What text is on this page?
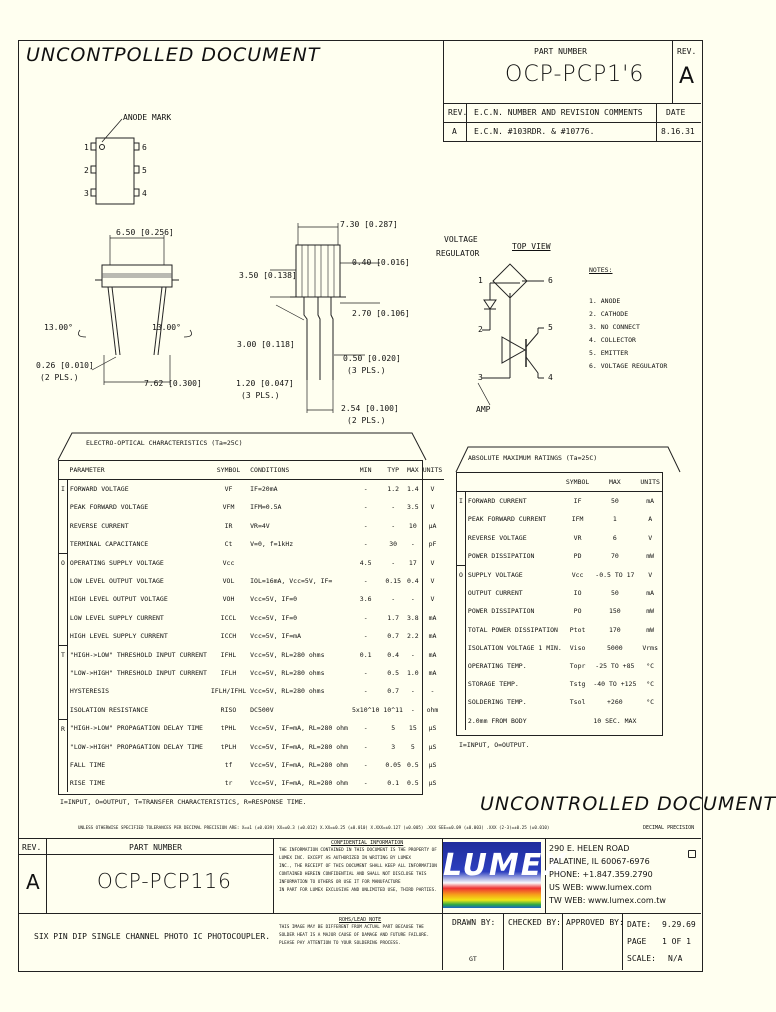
UNCONTPOLLED DOCUMENT	PART NUMBER
OCP-PCP1'6
REV.
A
REV. E.C.N. NUMBER AND REVISION COMMENTS	DATE
A E.C.N. #103RDR. & #10776.	8.16.31
ANODE MARK
1
2
3
6
5
4
6.50 [0.256]
13.00°	13.00°
0.26 [0.010]
(2 PLS.)
7.62 [0.300]
7.30 [0.287]
3.50 [0.138]
0.40 [0.016]
2.70 [0.106]
3.00 [0.118]
0.50 [0.020]
(3 PLS.)
1.20 [0.047]
(3 PLS.)
2.54 [0.100]
(2 PLS.)
VOLTAGE
REGULATOR
TOP VIEW
1
2
3	4
5
6
AMP
NOTES:
1. ANODE
2. CATHODE
3. NO CONNECT
4. COLLECTOR
5. EMITTER
6. VOLTAGE REGULATOR
ELECTRO-OPTICAL CHARACTERISTICS (Ta=25C)
	PARAMETER	SYMBOL	CONDITIONS	MIN	TYP	MAX	UNITS
I	FORWARD VOLTAGE	VF	IF=20mA	-	1.2	1.4	V
	PEAK FORWARD VOLTAGE	VFM	IFM=0.5A	-	-	3.5	V
	REVERSE CURRENT	IR	VR=4V	-	-	10	µA
	TERMINAL CAPACITANCE	Ct	V=0, f=1kHz	-	30	-	pF
O	OPERATING SUPPLY VOLTAGE	Vcc		4.5	-	17	V
	LOW LEVEL OUTPUT VOLTAGE	VOL	IOL=16mA, Vcc=5V, IF=	-	0.15	0.4	V
	HIGH LEVEL OUTPUT VOLTAGE	VOH	Vcc=5V, IF=0	3.6	-	-	V
	LOW LEVEL SUPPLY CURRENT	ICCL	Vcc=5V, IF=0	-	1.7	3.8	mA
	HIGH LEVEL SUPPLY CURRENT	ICCH	Vcc=5V, IF=mA	-	0.7	2.2	mA
T	"HIGH->LOW" THRESHOLD INPUT CURRENT	IFHL	Vcc=5V, RL=280 ohms	0.1	0.4	-	mA
	"LOW->HIGH" THRESHOLD INPUT CURRENT	IFLH	Vcc=5V, RL=280 ohms	-	0.5	1.0	mA
	HYSTERESIS	IFLH/IFHL	Vcc=5V, RL=280 ohms	-	0.7	-	-
	ISOLATION RESISTANCE	RISO	DC500V	5x10^10	10^11	-	ohm
R	"HIGH->LOW" PROPAGATION DELAY TIME	tPHL	Vcc=5V, IF=mA, RL=280 ohm	-	5	15	µS
	"LOW->HIGH" PROPAGATION DELAY TIME	tPLH	Vcc=5V, IF=mA, RL=280 ohm	-	3	5	µS
	FALL TIME	tf	Vcc=5V, IF=mA, RL=280 ohm	-	0.05	0.5	µS
	RISE TIME	tr	Vcc=5V, IF=mA, RL=280 ohm	-	0.1	0.5	µS
I=INPUT, O=OUTPUT, T=TRANSFER CHARACTERISTICS, R=RESPONSE TIME.
ABSOLUTE MAXIMUM RATINGS (Ta=25C)
		SYMBOL	MAX	UNITS
I	FORWARD CURRENT	IF	50	mA
	PEAK FORWARD CURRENT	IFM	1	A
	REVERSE VOLTAGE	VR	6	V
	POWER DISSIPATION	PD	70	mW
O	SUPPLY VOLTAGE	Vcc	-0.5 TO 17	V
	OUTPUT CURRENT	IO	50	mA
	POWER DISSIPATION	PO	150	mW
	TOTAL POWER DISSIPATION	Ptot	170	mW
	ISOLATION VOLTAGE 1 MIN.	Viso	5000	Vrms
	OPERATING TEMP.	Topr	-25 TO +85	°C
	STORAGE TEMP.	Tstg	-40 TO +125	°C
	SOLDERING TEMP.	Tsol	+260	°C
	2.0mm FROM BODY		10 SEC. MAX	
I=INPUT, O=OUTPUT.
UNCONTROLLED DOCUMENT
UNLESS OTHERWISE SPECIFIED TOLERANCES PER DECIMAL PRECISION ARE: X=±1 (±0.039) XX=±0.3 (±0.012) X.XX=±0.25 (±0.010) X.XXX=±0.127 (±0.005) .XXX SEE=±0.09 (±0.003) .XXX (2-3)=±0.25 (±0.010)	DECIMAL PRECISION
REV.
A
PART NUMBER
OCP-PCP116
CONFIDENTIAL INFORMATION
THE INFORMATION CONTAINED IN THIS DOCUMENT IS THE PROPERTY OF
LUMEX INC. EXCEPT AS AUTHORIZED IN WRITING BY LUMEX
INC., THE RECEIPT OF THIS DOCUMENT SHALL KEEP ALL INFORMATION
CONTAINED HEREIN CONFIDENTIAL AND SHALL NOT DISCLOSE THIS
INFORMATION TO OTHERS OR USE IT FOR MANUFACTURE
IN PART FOR LUMEX EXCLUSIVE AND UNLIMITED USE, THIRD PARTIES.
ROHS/LEAD NOTE
THIS IMAGE MAY BE DIFFERENT FROM ACTUAL PART BECAUSE THE
SOLDER HEAT IS A MAJOR CAUSE OF DAMAGE AND FUTURE FAILURE.
PLEASE PAY ATTENTION TO YOUR SOLDERING PROCESS.
LUMEX
290 E. HELEN ROAD
PALATINE, IL 60067-6976
PHONE: +1.847.359.2790
US WEB: www.lumex.com
TW WEB: www.lumex.com.tw
SIX PIN DIP SINGLE CHANNEL PHOTO IC PHOTOCOUPLER.
DRAWN BY:
GT
CHECKED BY: APPROVED BY: DATE: 9.29.69
PAGE 1 OF 1
SCALE: N/A
